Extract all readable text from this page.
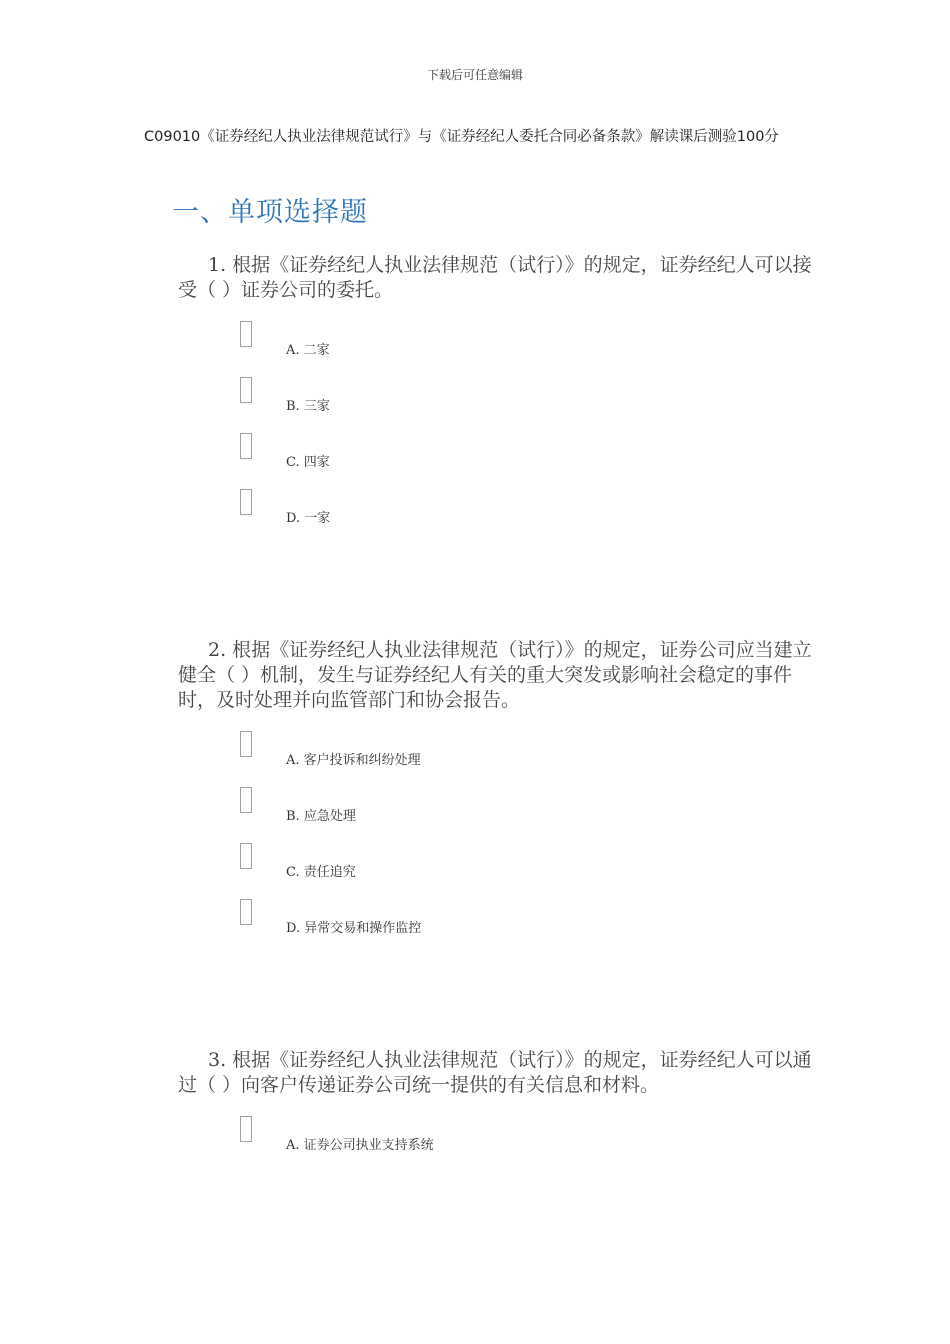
下载后可任意编辑
C09010《证券经纪人执业法律规范试行》与《证券经纪人委托合同必备条款》解读课后测验100分
一、单项选择题

1. 根据《证券经纪人执业法律规范（试行）》的规定，证券经纪人可以接受（ ）证券公司的委托。

A. 二家
B. 三家
C. 四家
D. 一家

2. 根据《证券经纪人执业法律规范（试行）》的规定，证券公司应当建立健全（ ）机制，发生与证券经纪人有关的重大突发或影响社会稳定的事件时，及时处理并向监管部门和协会报告。

A. 客户投诉和纠纷处理
B. 应急处理
C. 责任追究
D. 异常交易和操作监控

3. 根据《证券经纪人执业法律规范（试行）》的规定，证券经纪人可以通过（ ）向客户传递证券公司统一提供的有关信息和材料。

A. 证券公司执业支持系统
